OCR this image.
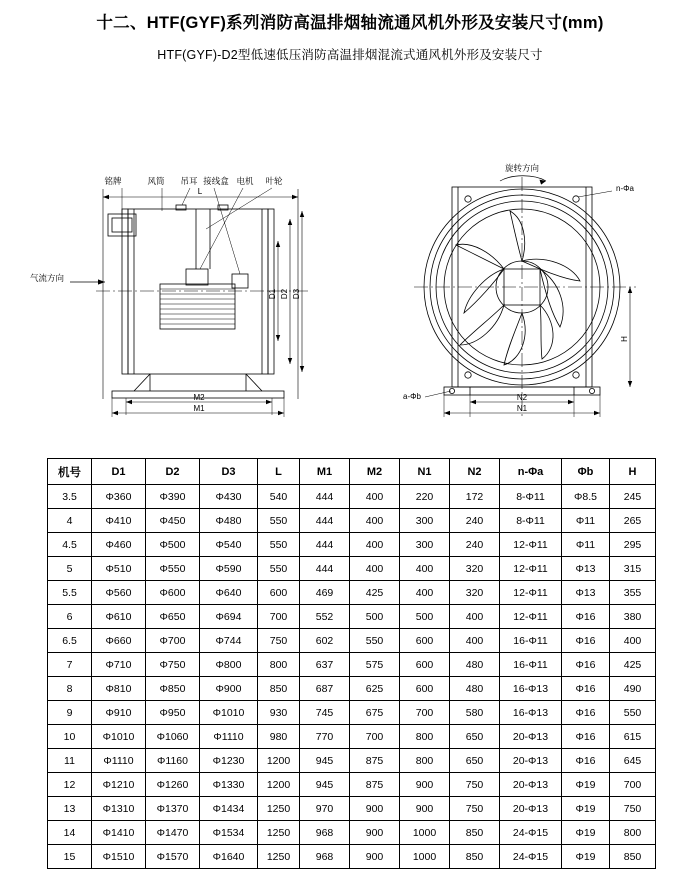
十二、HTF(GYF)系列消防高温排烟轴流通风机外形及安装尺寸(mm)
HTF(GYF)-D2型低速低压消防高温排烟混流式通风机外形及安装尺寸
铭牌	风筒 吊耳 接线盒 电机 叶轮
气流方向
L
D1 D2 D3
M2
M1
旋转方向
n-Φa
a-Φb
H
N2
N1
机号	D1	D2	D3	L	M1	M2	N1	N2	n-Φa	Φb	H
3.5	Φ360	Φ390	Φ430	540	444	400	220	172	8-Φ11	Φ8.5	245
4	Φ410	Φ450	Φ480	550	444	400	300	240	8-Φ11	Φ11	265
4.5	Φ460	Φ500	Φ540	550	444	400	300	240	12-Φ11	Φ11	295
5	Φ510	Φ550	Φ590	550	444	400	400	320	12-Φ11	Φ13	315
5.5	Φ560	Φ600	Φ640	600	469	425	400	320	12-Φ11	Φ13	355
6	Φ610	Φ650	Φ694	700	552	500	500	400	12-Φ11	Φ16	380
6.5	Φ660	Φ700	Φ744	750	602	550	600	400	16-Φ11	Φ16	400
7	Φ710	Φ750	Φ800	800	637	575	600	480	16-Φ11	Φ16	425
8	Φ810	Φ850	Φ900	850	687	625	600	480	16-Φ13	Φ16	490
9	Φ910	Φ950	Φ1010	930	745	675	700	580	16-Φ13	Φ16	550
10	Φ1010	Φ1060	Φ1110	980	770	700	800	650	20-Φ13	Φ16	615
11	Φ1110	Φ1160	Φ1230	1200	945	875	800	650	20-Φ13	Φ16	645
12	Φ1210	Φ1260	Φ1330	1200	945	875	900	750	20-Φ13	Φ19	700
13	Φ1310	Φ1370	Φ1434	1250	970	900	900	750	20-Φ13	Φ19	750
14	Φ1410	Φ1470	Φ1534	1250	968	900	1000	850	24-Φ15	Φ19	800
15	Φ1510	Φ1570	Φ1640	1250	968	900	1000	850	24-Φ15	Φ19	850
